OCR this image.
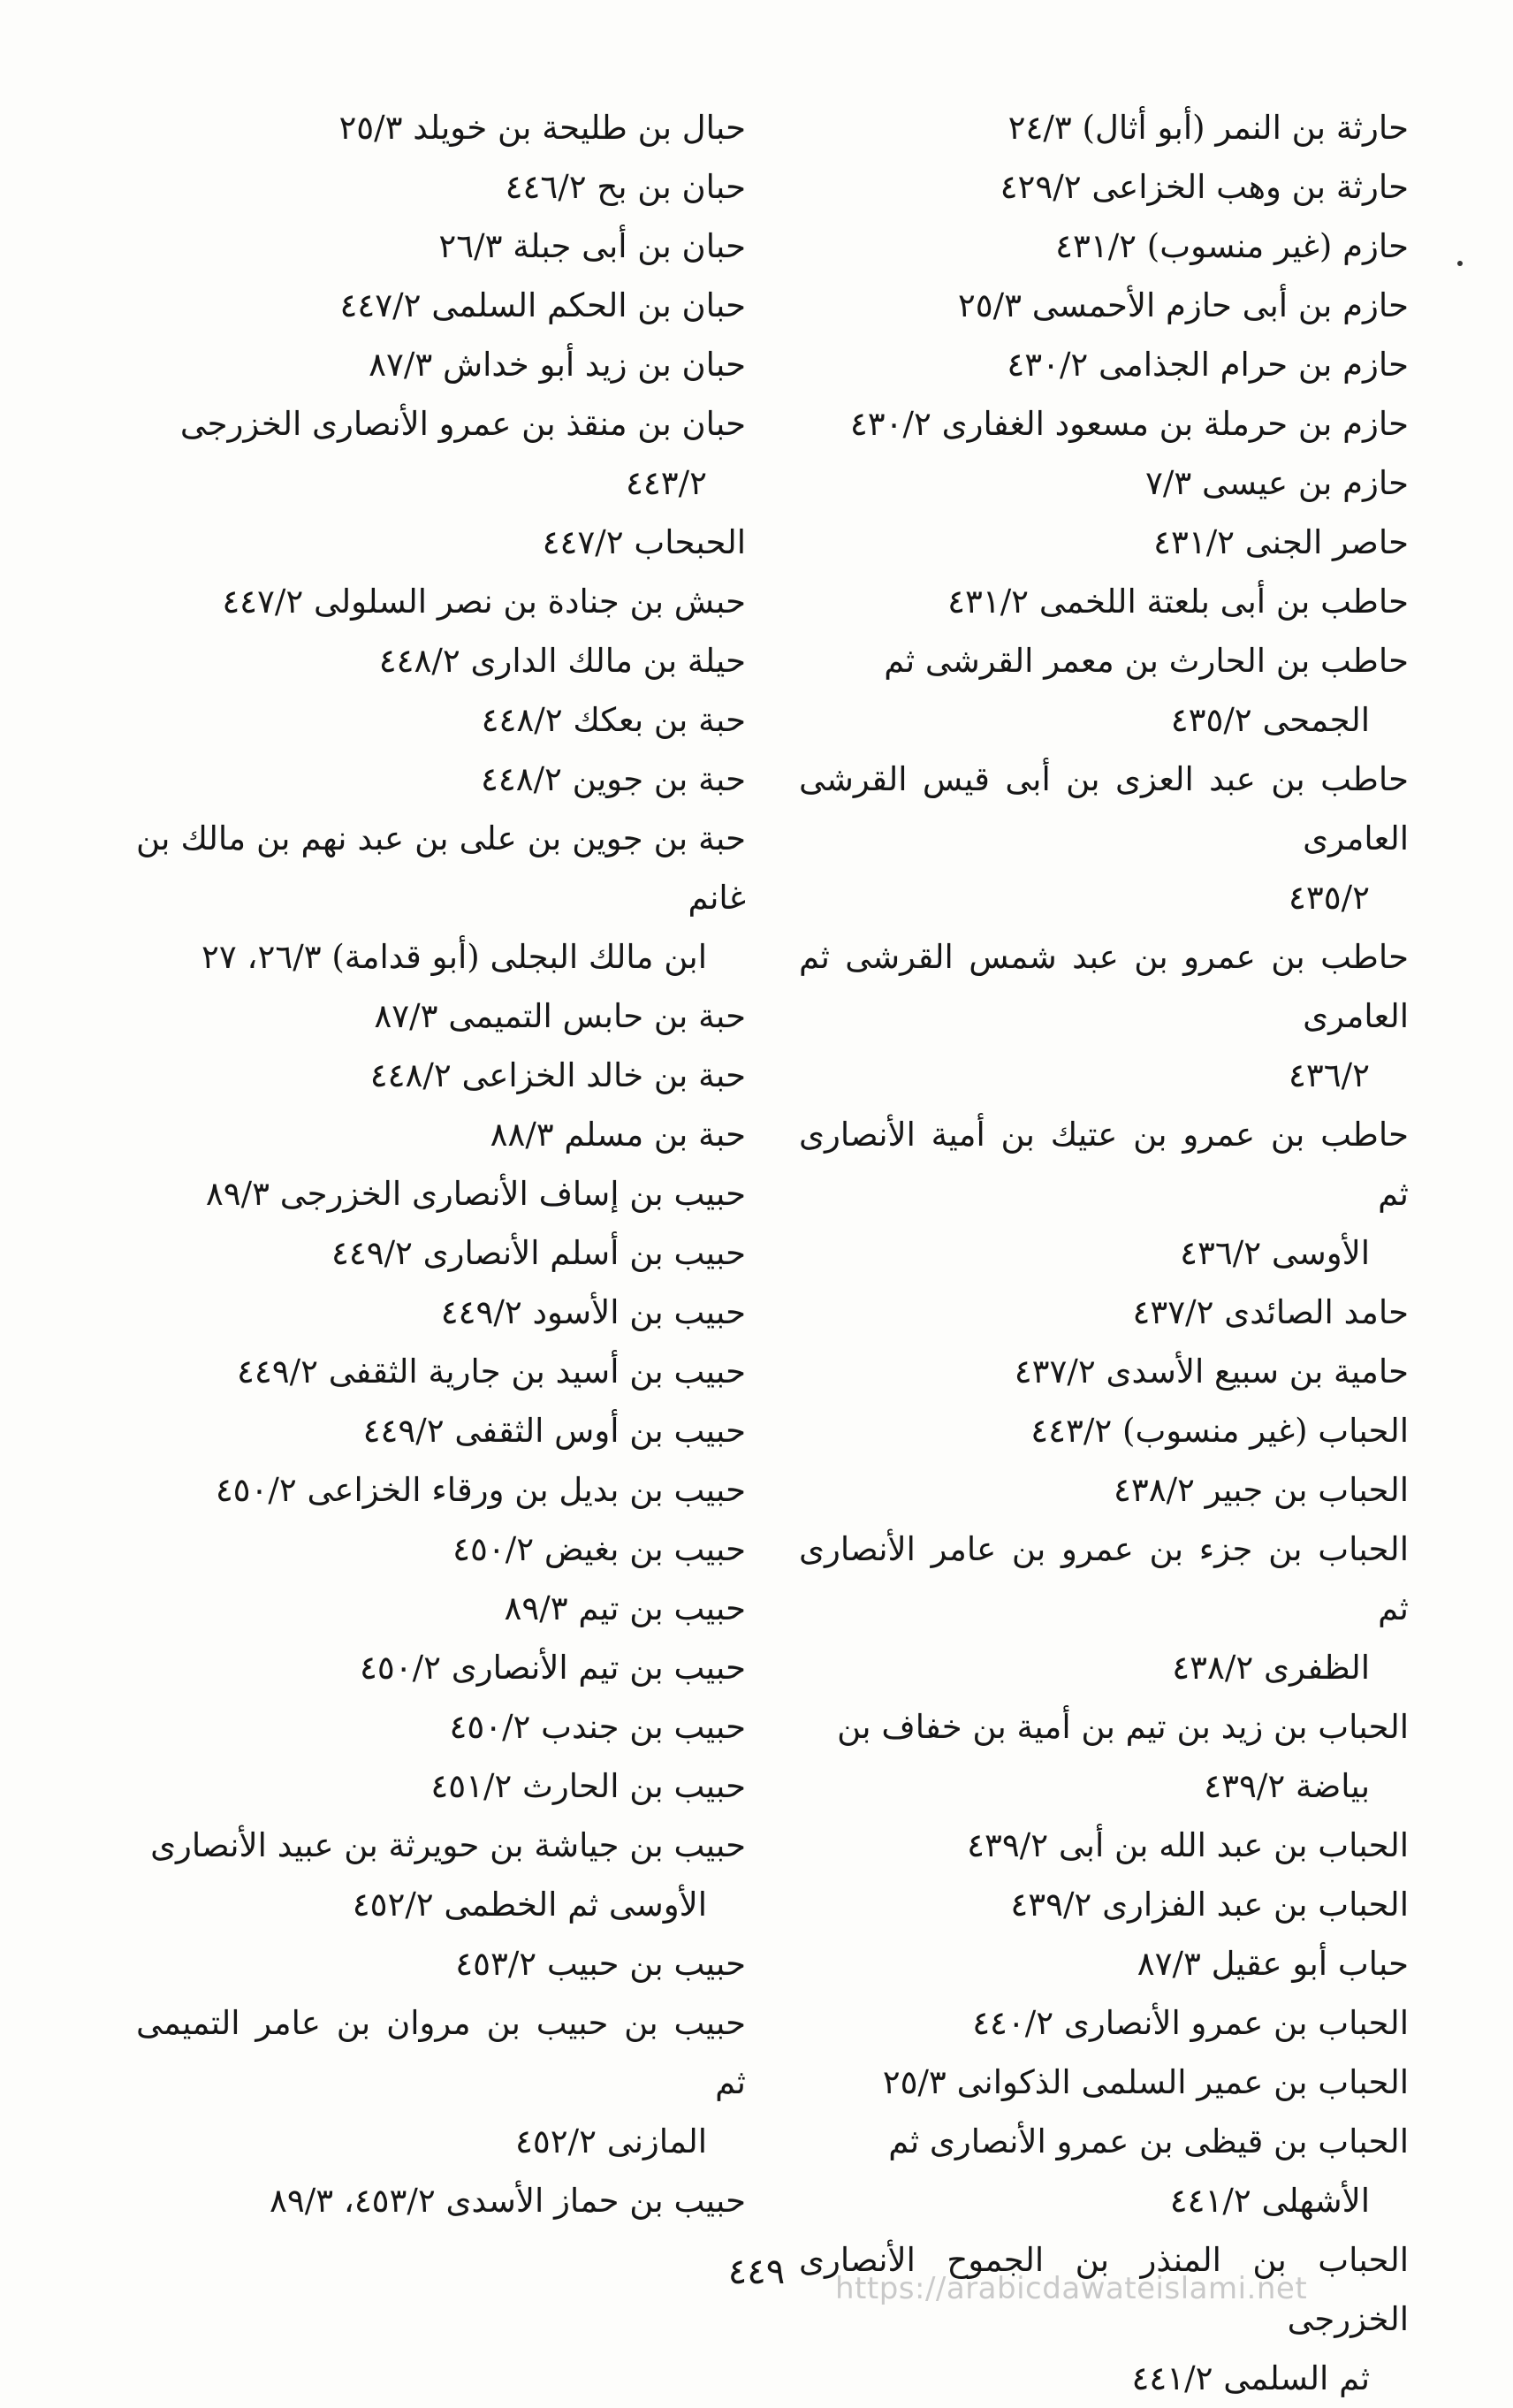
حارثة بن النمر (أبو أثال) ٢٤/٣
حارثة بن وهب الخزاعى ٤٢٩/٢
حازم (غير منسوب) ٤٣١/٢
حازم بن أبى حازم الأحمسى ٢٥/٣
حازم بن حرام الجذامى ٤٣٠/٢
حازم بن حرملة بن مسعود الغفارى ٤٣٠/٢
حازم بن عيسى ٧/٣
حاصر الجنى ٤٣١/٢
حاطب بن أبى بلعتة اللخمى ٤٣١/٢
حاطب بن الحارث بن معمر القرشى ثم
الجمحى ٤٣٥/٢
حاطب بن عبد العزى بن أبى قيس القرشى العامرى
٤٣٥/٢
حاطب بن عمرو بن عبد شمس القرشى ثم العامرى
٤٣٦/٢
حاطب بن عمرو بن عتيك بن أمية الأنصارى ثم
الأوسى ٤٣٦/٢
حامد الصائدى ٤٣٧/٢
حامية بن سبيع الأسدى ٤٣٧/٢
الحباب (غير منسوب) ٤٤٣/٢
الحباب بن جبير ٤٣٨/٢
الحباب بن جزء بن عمرو بن عامر الأنصارى ثم
الظفرى ٤٣٨/٢
الحباب بن زيد بن تيم بن أمية بن خفاف بن
بياضة ٤٣٩/٢
الحباب بن عبد الله بن أبى ٤٣٩/٢
الحباب بن عبد الفزارى ٤٣٩/٢
حباب أبو عقيل ٨٧/٣
الحباب بن عمرو الأنصارى ٤٤٠/٢
الحباب بن عمير السلمى الذكوانى ٢٥/٣
الحباب بن قيظى بن عمرو الأنصارى ثم
الأشهلى ٤٤١/٢
الحباب بن المنذر بن الجموح الأنصارى الخزرجى
ثم السلمى ٤٤١/٢
حبال بن طليحة بن خويلد ٢٥/٣
حبان بن بح ٤٤٦/٢
حبان بن أبى جبلة ٢٦/٣
حبان بن الحكم السلمى ٤٤٧/٢
حبان بن زيد أبو خداش ٨٧/٣
حبان بن منقذ بن عمرو الأنصارى الخزرجى
٤٤٣/٢
الحبحاب ٤٤٧/٢
حبش بن جنادة بن نصر السلولى ٤٤٧/٢
حيلة بن مالك الدارى ٤٤٨/٢
حبة بن بعكك ٤٤٨/٢
حبة بن جوين ٤٤٨/٢
حبة بن جوين بن على بن عبد نهم بن مالك بن غانم
ابن مالك البجلى (أبو قدامة) ٢٦/٣، ٢٧
حبة بن حابس التميمى ٨٧/٣
حبة بن خالد الخزاعى ٤٤٨/٢
حبة بن مسلم ٨٨/٣
حبيب بن إساف الأنصارى الخزرجى ٨٩/٣
حبيب بن أسلم الأنصارى ٤٤٩/٢
حبيب بن الأسود ٤٤٩/٢
حبيب بن أسيد بن جارية الثقفى ٤٤٩/٢
حبيب بن أوس الثقفى ٤٤٩/٢
حبيب بن بديل بن ورقاء الخزاعى ٤٥٠/٢
حبيب بن بغيض ٤٥٠/٢
حبيب بن تيم ٨٩/٣
حبيب بن تيم الأنصارى ٤٥٠/٢
حبيب بن جندب ٤٥٠/٢
حبيب بن الحارث ٤٥١/٢
حبيب بن جياشة بن حويرثة بن عبيد الأنصارى
الأوسى ثم الخطمى ٤٥٢/٢
حبيب بن حبيب ٤٥٣/٢
حبيب بن حبيب بن مروان بن عامر التميمى ثم
المازنى ٤٥٢/٢
حبيب بن حماز الأسدى ٤٥٣/٢، ٨٩/٣
٤٤٩	https://arabicdawateislami.net
